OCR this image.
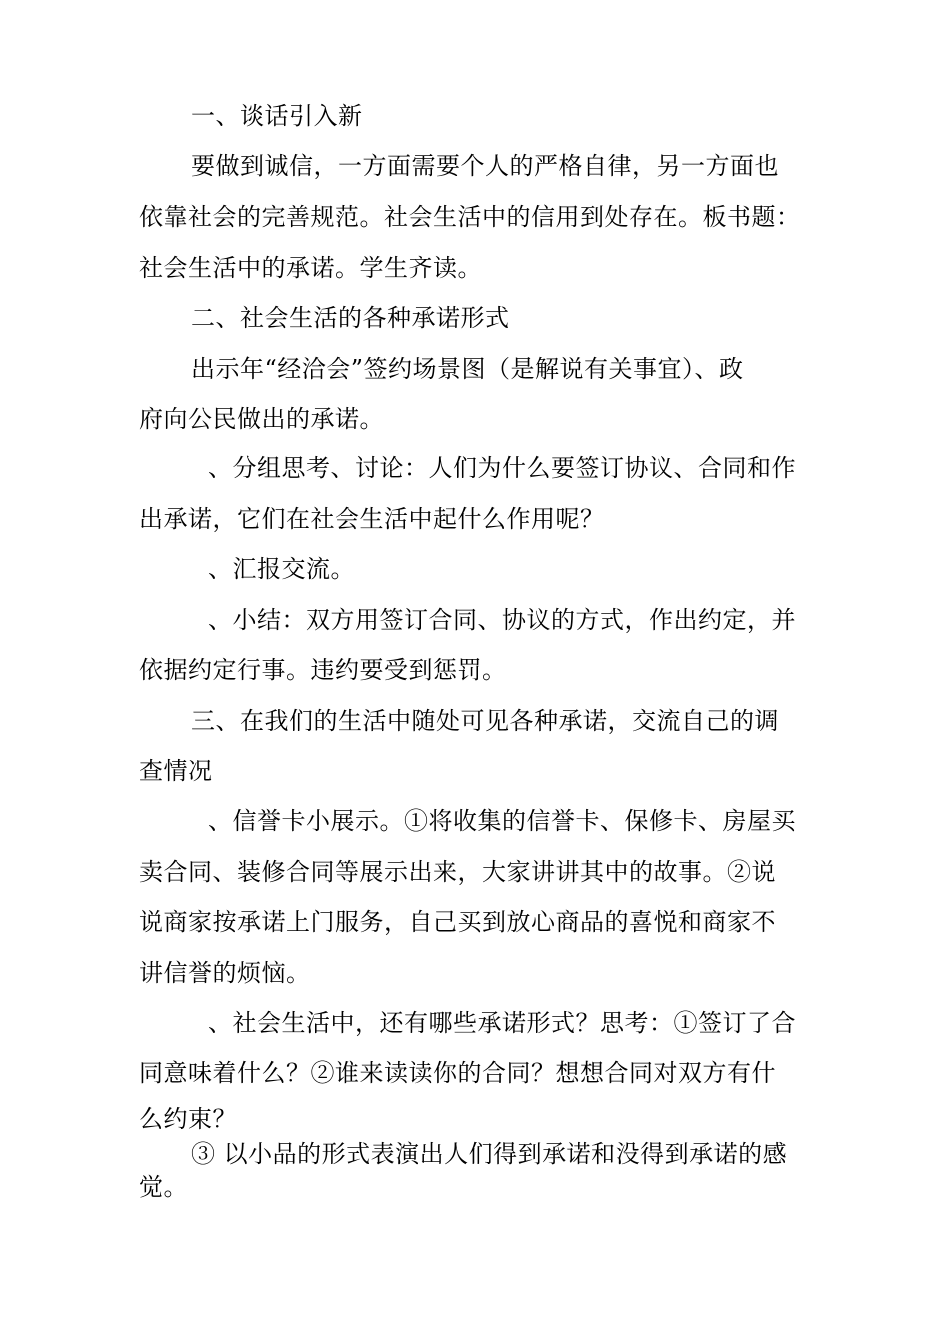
一、谈话引入新
要做到诚信，一方面需要个人的严格自律，另一方面也
依靠社会的完善规范。社会生活中的信用到处存在。板书题：
社会生活中的承诺。学生齐读。
二、社会生活的各种承诺形式
出示年“经洽会”签约场景图（是解说有关事宜）、政
府向公民做出的承诺。
、分组思考、讨论：人们为什么要签订协议、合同和作
出承诺，它们在社会生活中起什么作用呢？
、汇报交流。
、小结：双方用签订合同、协议的方式，作出约定，并
依据约定行事。违约要受到惩罚。
三、在我们的生活中随处可见各种承诺，交流自己的调
查情况
、信誉卡小展示。①将收集的信誉卡、保修卡、房屋买
卖合同、装修合同等展示出来，大家讲讲其中的故事。②说
说商家按承诺上门服务，自己买到放心商品的喜悦和商家不
讲信誉的烦恼。
、社会生活中，还有哪些承诺形式？思考：①签订了合
同意味着什么？②谁来读读你的合同？想想合同对双方有什
么约束？
③ 以小品的形式表演出人们得到承诺和没得到承诺的感
觉。
